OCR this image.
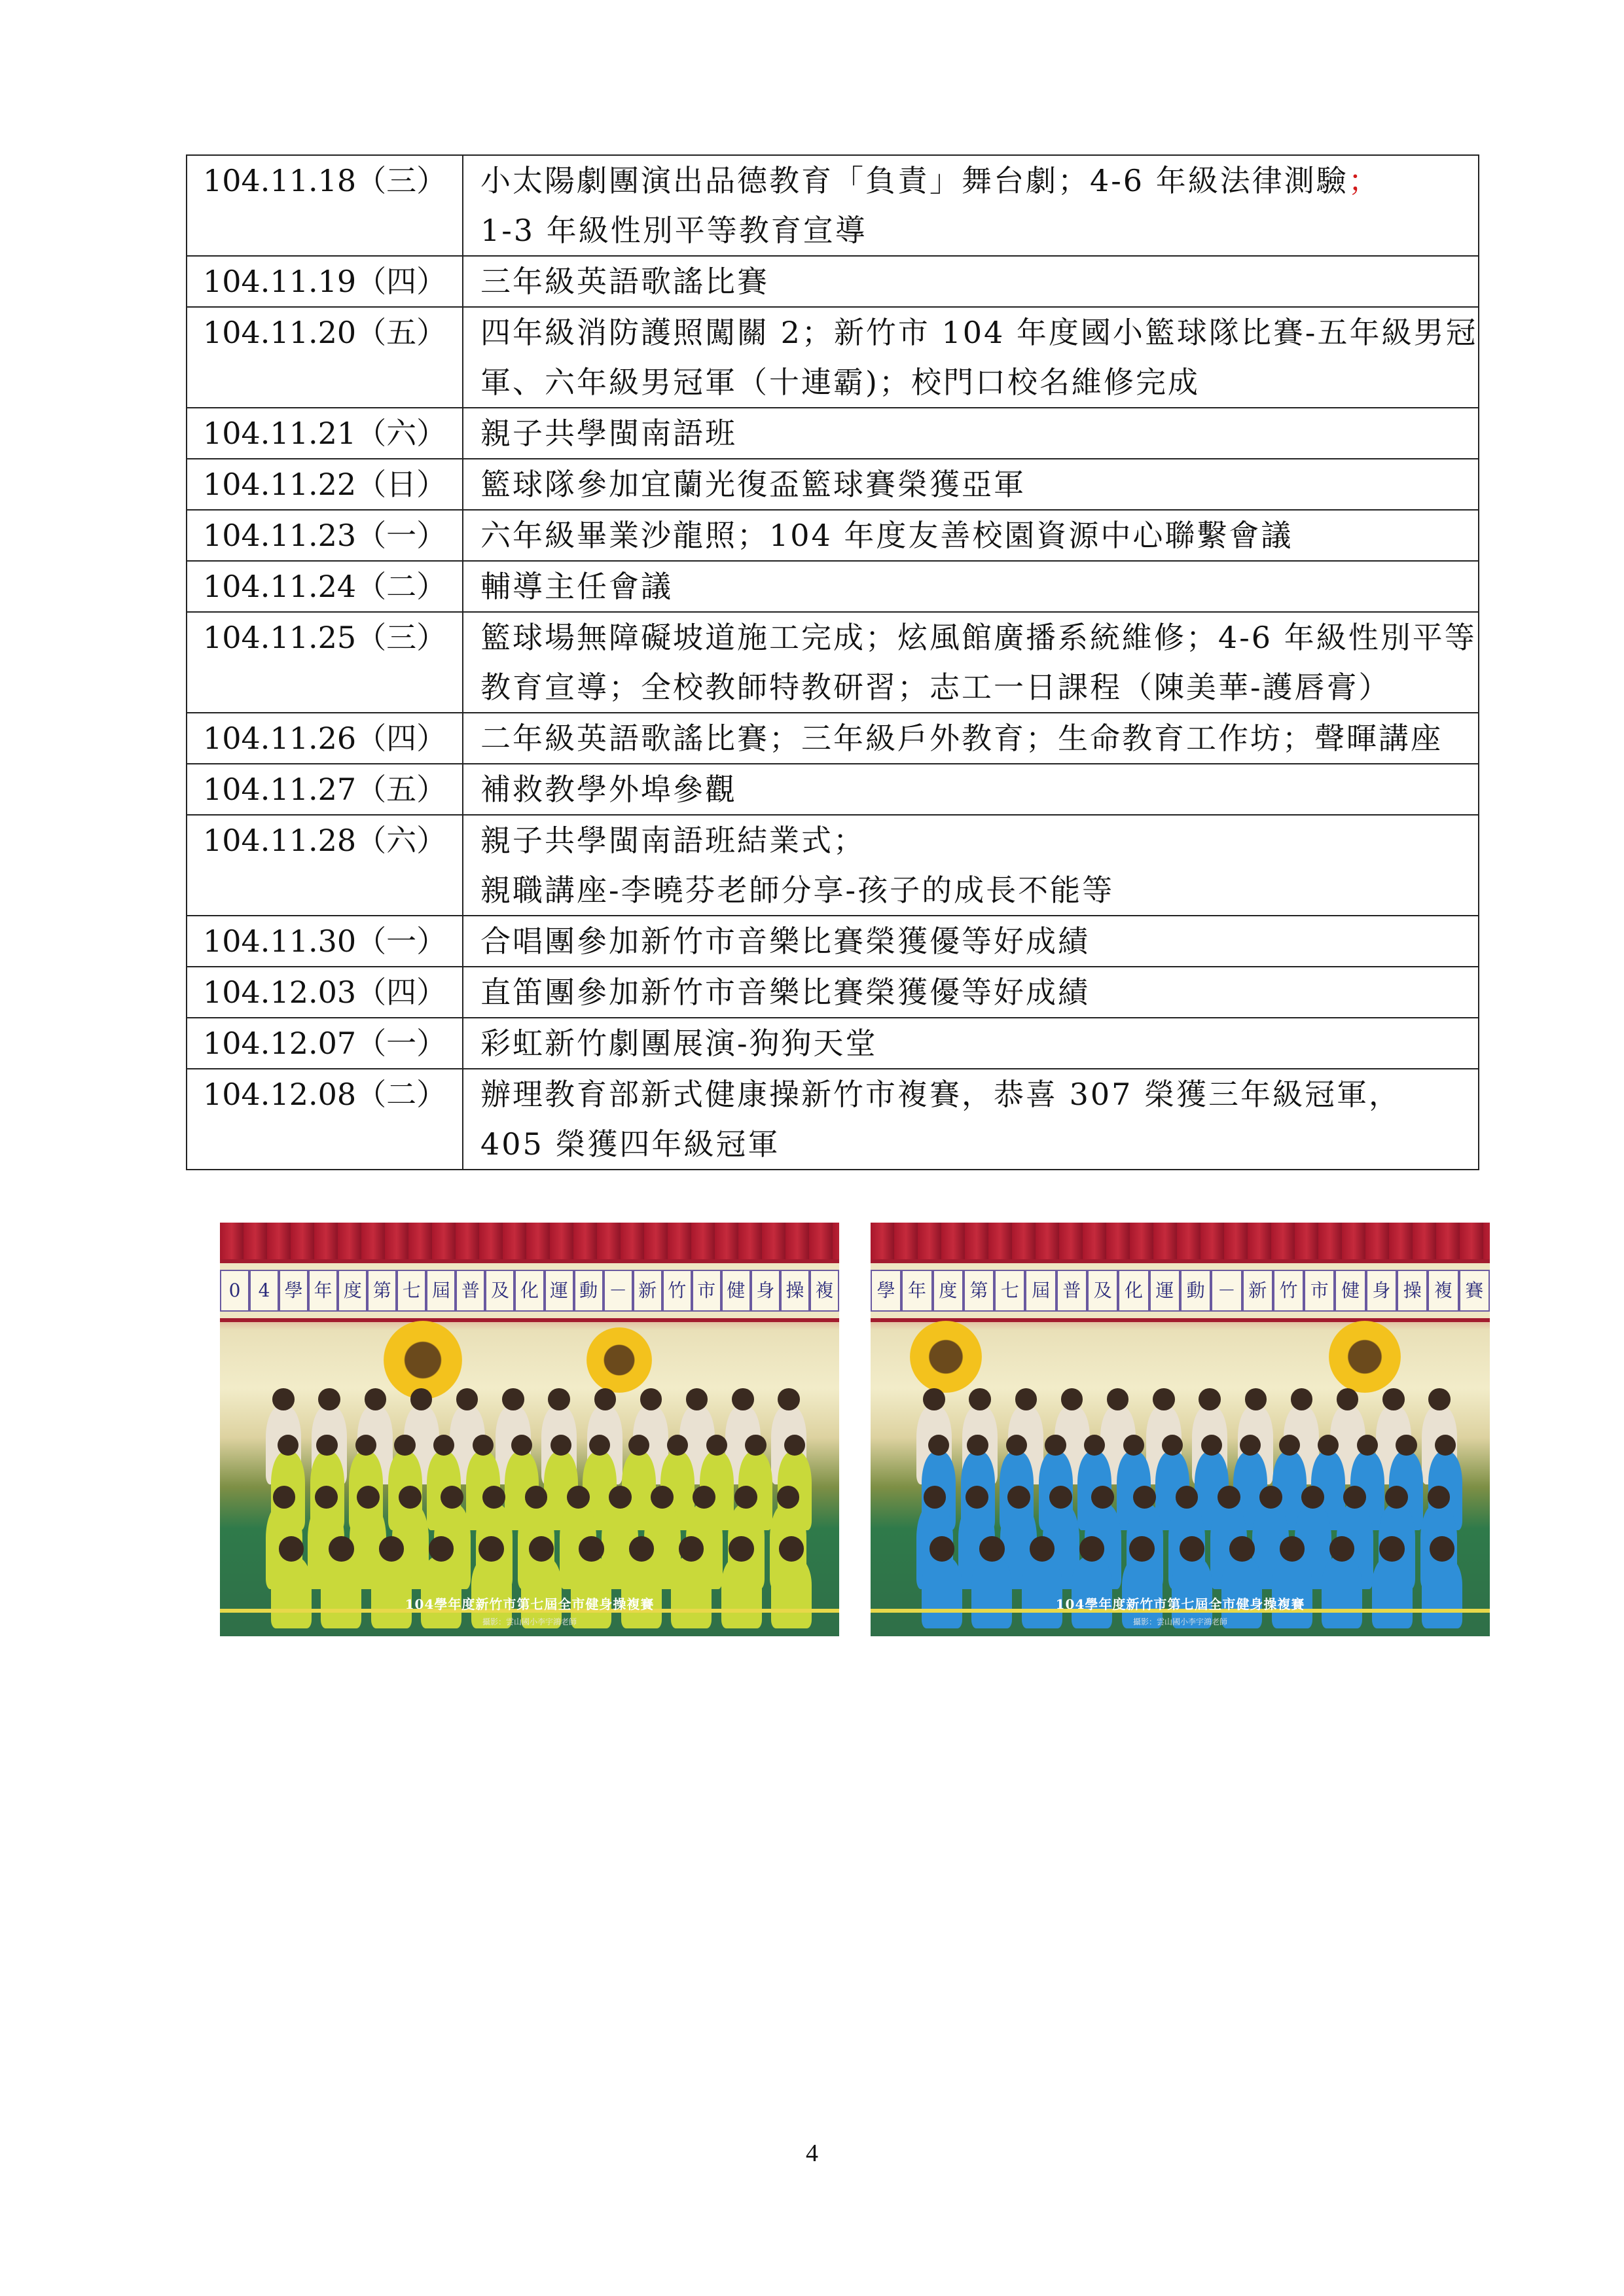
104.11.18（三）	小太陽劇團演出品德教育「負責」舞台劇；4-6 年級法律測驗；
1-3 年級性別平等教育宣導

104.11.19（四）	三年級英語歌謠比賽

104.11.20（五）	四年級消防護照闖關 2；新竹市 104 年度國小籃球隊比賽-五年級男冠
軍、六年級男冠軍（十連霸)；校門口校名維修完成

104.11.21（六）	親子共學閩南語班

104.11.22（日）	籃球隊參加宜蘭光復盃籃球賽榮獲亞軍

104.11.23（一）	六年級畢業沙龍照；104 年度友善校園資源中心聯繫會議

104.11.24（二）	輔導主任會議

104.11.25（三）	籃球場無障礙坡道施工完成；炫風館廣播系統維修；4-6 年級性別平等
教育宣導；全校教師特教研習；志工一日課程（陳美華-護唇膏）

104.11.26（四）	二年級英語歌謠比賽；三年級戶外教育；生命教育工作坊；聲暉講座

104.11.27（五）	補救教學外埠參觀

104.11.28（六）	親子共學閩南語班結業式；
親職講座-李曉芬老師分享-孩子的成長不能等

104.11.30（一）	合唱團參加新竹市音樂比賽榮獲優等好成績

104.12.03（四）	直笛團參加新竹市音樂比賽榮獲優等好成績

104.12.07（一）	彩虹新竹劇團展演-狗狗天堂

104.12.08（二）	辦理教育部新式健康操新竹市複賽，恭喜 307 榮獲三年級冠軍，
405 榮獲四年級冠軍
0 4 學 年 度 第 七 屆 普 及 化 運 動 － 新 竹 市 健 身 操 複
104學年度新竹市第七屆全市健身操複賽
攝影：雲山國小李宇鴻老師
學 年 度 第 七 屆 普 及 化 運 動 － 新 竹 市 健 身 操 複 賽
104學年度新竹市第七屆全市健身操複賽
攝影：雲山國小李宇鴻老師
4
